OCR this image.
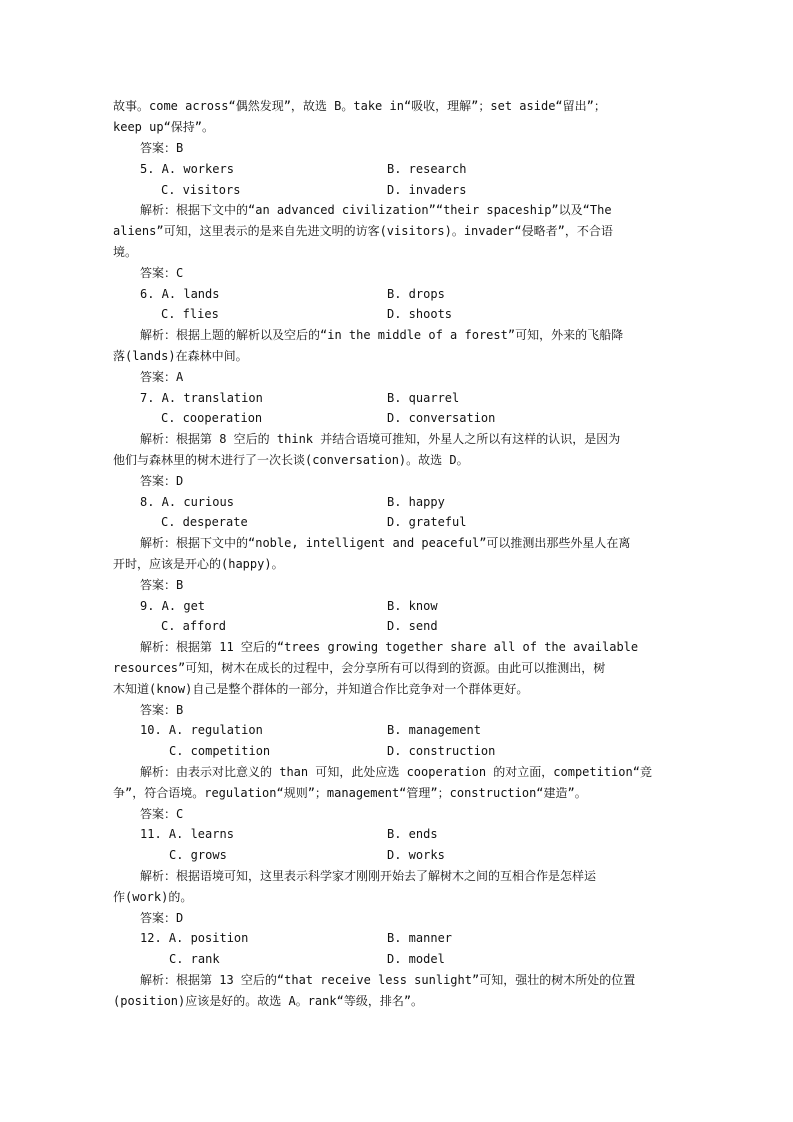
故事。come across“偶然发现”，故选 B。take in“吸收，理解”；set aside“留出”；
keep up“保持”。
答案：B
5. A. workers	B. research
C. visitors	D. invaders
解析：根据下文中的“an advanced civilization”“their spaceship”以及“The
aliens”可知，这里表示的是来自先进文明的访客(visitors)。invader“侵略者”，不合语
境。
答案：C
6. A. lands	B. drops
C. flies	D. shoots
解析：根据上题的解析以及空后的“in the middle of a forest”可知，外来的飞船降
落(lands)在森林中间。
答案：A
7. A. translation	B. quarrel
C. cooperation	D. conversation
解析：根据第 8 空后的 think 并结合语境可推知，外星人之所以有这样的认识，是因为
他们与森林里的树木进行了一次长谈(conversation)。故选 D。
答案：D
8. A. curious	B. happy
C. desperate	D. grateful
解析：根据下文中的“noble, intelligent and peaceful”可以推测出那些外星人在离
开时，应该是开心的(happy)。
答案：B
9. A. get	B. know
C. afford	D. send
解析：根据第 11 空后的“trees growing together share all of the available
resources”可知，树木在成长的过程中，会分享所有可以得到的资源。由此可以推测出，树
木知道(know)自己是整个群体的一部分，并知道合作比竞争对一个群体更好。
答案：B
10. A. regulation	B. management
C. competition	D. construction
解析：由表示对比意义的 than 可知，此处应选 cooperation 的对立面，competition“竞
争”，符合语境。regulation“规则”；management“管理”；construction“建造”。
答案：C
11. A. learns	B. ends
C. grows	D. works
解析：根据语境可知，这里表示科学家才刚刚开始去了解树木之间的互相合作是怎样运
作(work)的。
答案：D
12. A. position	B. manner
C. rank	D. model
解析：根据第 13 空后的“that receive less sunlight”可知，强壮的树木所处的位置
(position)应该是好的。故选 A。rank“等级，排名”。
